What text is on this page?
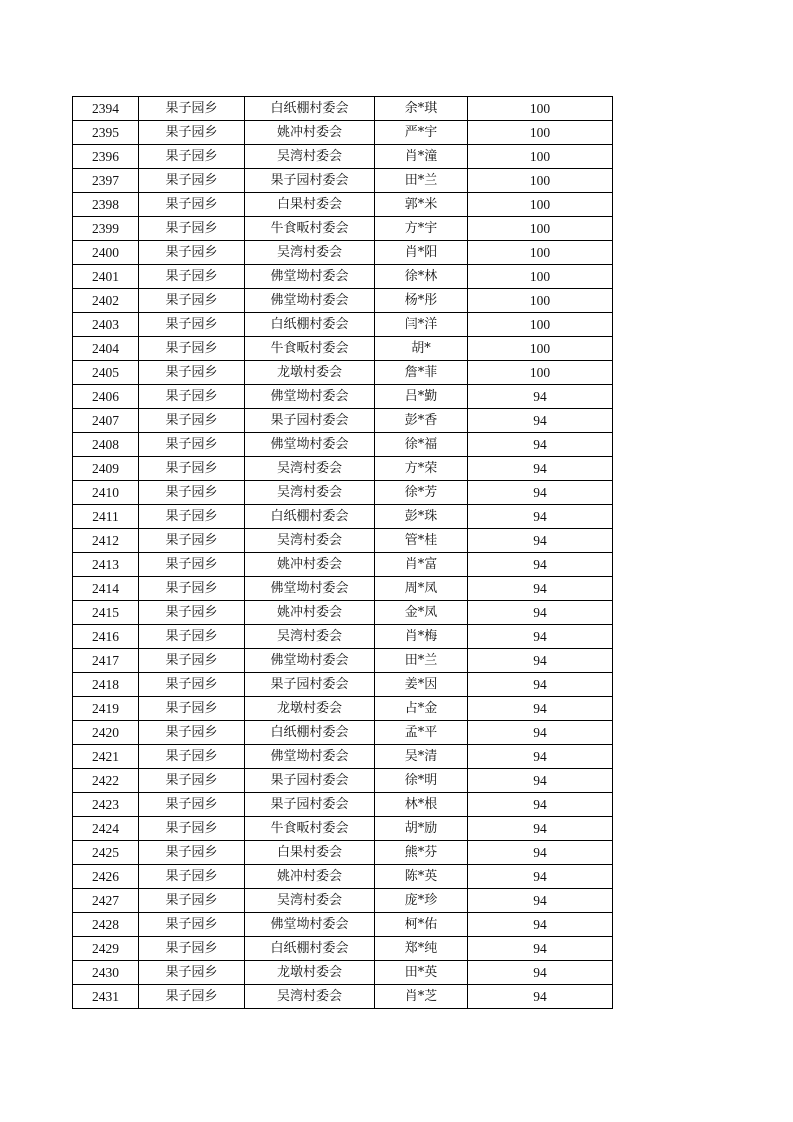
2394	果子园乡	白纸棚村委会	余*琪	100
2395	果子园乡	姚冲村委会	严*宇	100
2396	果子园乡	吴湾村委会	肖*潼	100
2397	果子园乡	果子园村委会	田*兰	100
2398	果子园乡	白果村委会	郭*米	100
2399	果子园乡	牛食畈村委会	方*宇	100
2400	果子园乡	吴湾村委会	肖*阳	100
2401	果子园乡	佛堂坳村委会	徐*林	100
2402	果子园乡	佛堂坳村委会	杨*彤	100
2403	果子园乡	白纸棚村委会	闫*洋	100
2404	果子园乡	牛食畈村委会	胡*	100
2405	果子园乡	龙墩村委会	詹*菲	100
2406	果子园乡	佛堂坳村委会	吕*勤	94
2407	果子园乡	果子园村委会	彭*香	94
2408	果子园乡	佛堂坳村委会	徐*福	94
2409	果子园乡	吴湾村委会	方*荣	94
2410	果子园乡	吴湾村委会	徐*芳	94
2411	果子园乡	白纸棚村委会	彭*珠	94
2412	果子园乡	吴湾村委会	管*桂	94
2413	果子园乡	姚冲村委会	肖*富	94
2414	果子园乡	佛堂坳村委会	周*凤	94
2415	果子园乡	姚冲村委会	金*凤	94
2416	果子园乡	吴湾村委会	肖*梅	94
2417	果子园乡	佛堂坳村委会	田*兰	94
2418	果子园乡	果子园村委会	姜*因	94
2419	果子园乡	龙墩村委会	占*金	94
2420	果子园乡	白纸棚村委会	孟*平	94
2421	果子园乡	佛堂坳村委会	吴*清	94
2422	果子园乡	果子园村委会	徐*明	94
2423	果子园乡	果子园村委会	林*根	94
2424	果子园乡	牛食畈村委会	胡*励	94
2425	果子园乡	白果村委会	熊*芬	94
2426	果子园乡	姚冲村委会	陈*英	94
2427	果子园乡	吴湾村委会	庞*珍	94
2428	果子园乡	佛堂坳村委会	柯*佑	94
2429	果子园乡	白纸棚村委会	郑*纯	94
2430	果子园乡	龙墩村委会	田*英	94
2431	果子园乡	吴湾村委会	肖*芝	94
